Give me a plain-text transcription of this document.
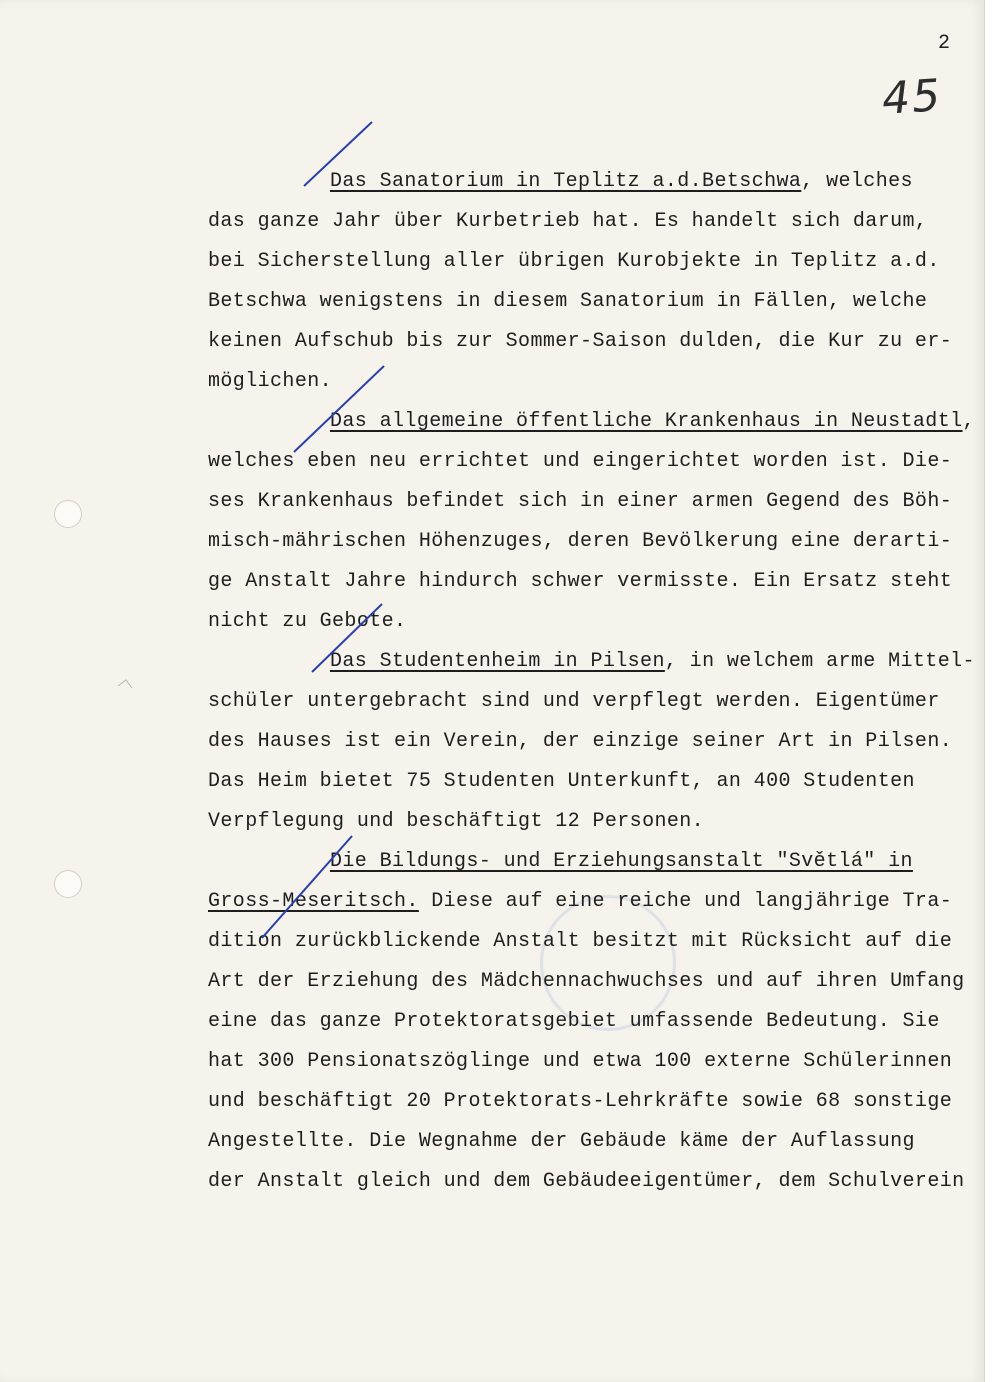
2

45

Das Sanatorium in Teplitz a.d.Betschwa, welches

das ganze Jahr über Kurbetrieb hat. Es handelt sich darum,

bei Sicherstellung aller übrigen Kurobjekte in Teplitz a.d.

Betschwa wenigstens in diesem Sanatorium in Fällen, welche

keinen Aufschub bis zur Sommer-Saison dulden, die Kur zu er-

möglichen.

Das allgemeine öffentliche Krankenhaus in Neustadtl,

welches eben neu errichtet und eingerichtet worden ist. Die-

ses Krankenhaus befindet sich in einer armen Gegend des Böh-

misch-mährischen Höhenzuges, deren Bevölkerung eine derarti-

ge Anstalt Jahre hindurch schwer vermisste. Ein Ersatz steht

nicht zu Gebote.

Das Studentenheim in Pilsen, in welchem arme Mittel-

schüler untergebracht sind und verpflegt werden. Eigentümer

des Hauses ist ein Verein, der einzige seiner Art in Pilsen.

Das Heim bietet 75 Studenten Unterkunft, an 400 Studenten

Verpflegung und beschäftigt 12 Personen.

Die Bildungs- und Erziehungsanstalt "Světlá" in

Gross-Meseritsch. Diese auf eine reiche und langjährige Tra-

dition zurückblickende Anstalt besitzt mit Rücksicht auf die

Art der Erziehung des Mädchennachwuchses und auf ihren Umfang

eine das ganze Protektoratsgebiet umfassende Bedeutung. Sie

hat 300 Pensionatszöglinge und etwa 100 externe Schülerinnen

und beschäftigt 20 Protektorats-Lehrkräfte sowie 68 sonstige

Angestellte. Die Wegnahme der Gebäude käme der Auflassung

der Anstalt gleich und dem Gebäudeeigentümer, dem Schulverein
